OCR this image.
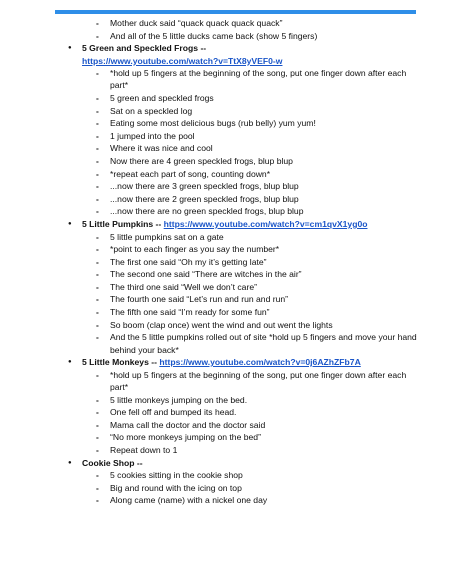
- Mother duck said “quack quack quack quack”
- And all of the 5 little ducks came back (show 5 fingers)
● 5 Green and Speckled Frogs --
https://www.youtube.com/watch?v=TtX8yVEF0-w
- *hold up 5 fingers at the beginning of the song, put one finger down after each part*
- 5 green and speckled frogs
- Sat on a speckled log
- Eating some most delicious bugs (rub belly) yum yum!
- 1 jumped into the pool
- Where it was nice and cool
- Now there are 4 green speckled frogs, blup blup
- *repeat each part of song, counting down*
- ...now there are 3 green speckled frogs, blup blup
- ...now there are 2 green speckled frogs, blup blup
- ...now there are no green speckled frogs, blup blup
● 5 Little Pumpkins -- https://www.youtube.com/watch?v=cm1qvX1yg0o
- 5 little pumpkins sat on a gate
- *point to each finger as you say the number*
- The first one said “Oh my it’s getting late”
- The second one said “There are witches in the air”
- The third one said “Well we don’t care”
- The fourth one said “Let’s run and run and run”
- The fifth one said “I’m ready for some fun”
- So boom (clap once) went the wind and out went the lights
- And the 5 little pumpkins rolled out of site *hold up 5 fingers and move your hand behind your back*
● 5 Little Monkeys -- https://www.youtube.com/watch?v=0j6AZhZFb7A
- *hold up 5 fingers at the beginning of the song, put one finger down after each part*
- 5 little monkeys jumping on the bed.
- One fell off and bumped its head.
- Mama call the doctor and the doctor said
- “No more monkeys jumping on the bed”
- Repeat down to 1
● Cookie Shop --
- 5 cookies sitting in the cookie shop
- Big and round with the icing on top
- Along came (name) with a nickel one day
